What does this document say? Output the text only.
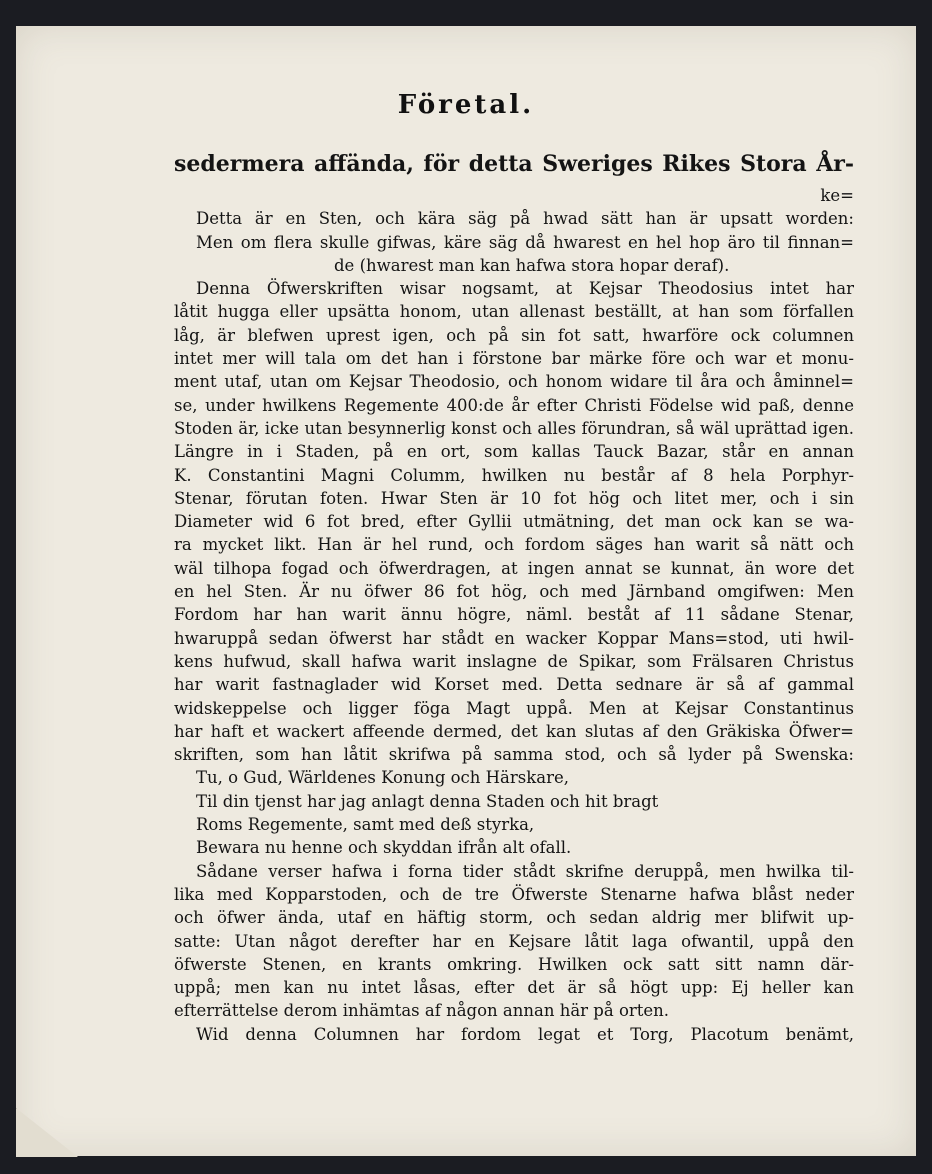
Företal.
sedermera affända, för detta Sweriges Rikes Stora År-
ke=
Detta är en Sten, och kära säg på hwad sätt han är upsatt worden:
Men om flera skulle gifwas, käre säg då hwarest en hel hop äro til finnan=
de (hwarest man kan hafwa stora hopar deraf).
Denna Öfwerskriften wisar nogsamt, at Kejsar Theodosius intet har
låtit hugga eller upsätta honom, utan allenast beställt, at han som förfallen
låg, är blefwen uprest igen, och på sin fot satt, hwarföre ock columnen
intet mer will tala om det han i förstone bar märke före och war et monu-
ment utaf, utan om Kejsar Theodosio, och honom widare til åra och åminnel=
se, under hwilkens Regemente 400:de år efter Christi Födelse wid paß, denne
Stoden är, icke utan besynnerlig konst och alles förundran, så wäl uprättad igen.
Längre in i Staden, på en ort, som kallas Tauck Bazar, står en annan
K. Constantini Magni Columm, hwilken nu består af 8 hela Porphyr-
Stenar, förutan foten. Hwar Sten är 10 fot hög och litet mer, och i sin
Diameter wid 6 fot bred, efter Gyllii utmätning, det man ock kan se wa-
ra mycket likt. Han är hel rund, och fordom säges han warit så nätt och
wäl tilhopa fogad och öfwerdragen, at ingen annat se kunnat, än wore det
en hel Sten. Är nu öfwer 86 fot hög, och med Järnband omgifwen: Men
Fordom har han warit ännu högre, näml. beståt af 11 sådane Stenar,
hwaruppå sedan öfwerst har stådt en wacker Koppar Mans=stod, uti hwil-
kens hufwud, skall hafwa warit inslagne de Spikar, som Frälsaren Christus
har warit fastnaglader wid Korset med. Detta sednare är så af gammal
widskeppelse och ligger föga Magt uppå. Men at Kejsar Constantinus
har haft et wackert affeende dermed, det kan slutas af den Gräkiska Öfwer=
skriften, som han låtit skrifwa på samma stod, och så lyder på Swenska:
Tu, o Gud, Wärldenes Konung och Härskare,
Til din tjenst har jag anlagt denna Staden och hit bragt
Roms Regemente, samt med deß styrka,
Bewara nu henne och skyddan ifrån alt ofall.
Sådane verser hafwa i forna tider stådt skrifne deruppå, men hwilka til-
lika med Kopparstoden, och de tre Öfwerste Stenarne hafwa blåst neder
och öfwer ända, utaf en häftig storm, och sedan aldrig mer blifwit up-
satte: Utan något derefter har en Kejsare låtit laga ofwantil, uppå den
öfwerste Stenen, en krants omkring. Hwilken ock satt sitt namn där-
uppå; men kan nu intet låsas, efter det är så högt upp: Ej heller kan
efterrättelse derom inhämtas af någon annan här på orten.
Wid denna Columnen har fordom legat et Torg, Placotum benämt,
